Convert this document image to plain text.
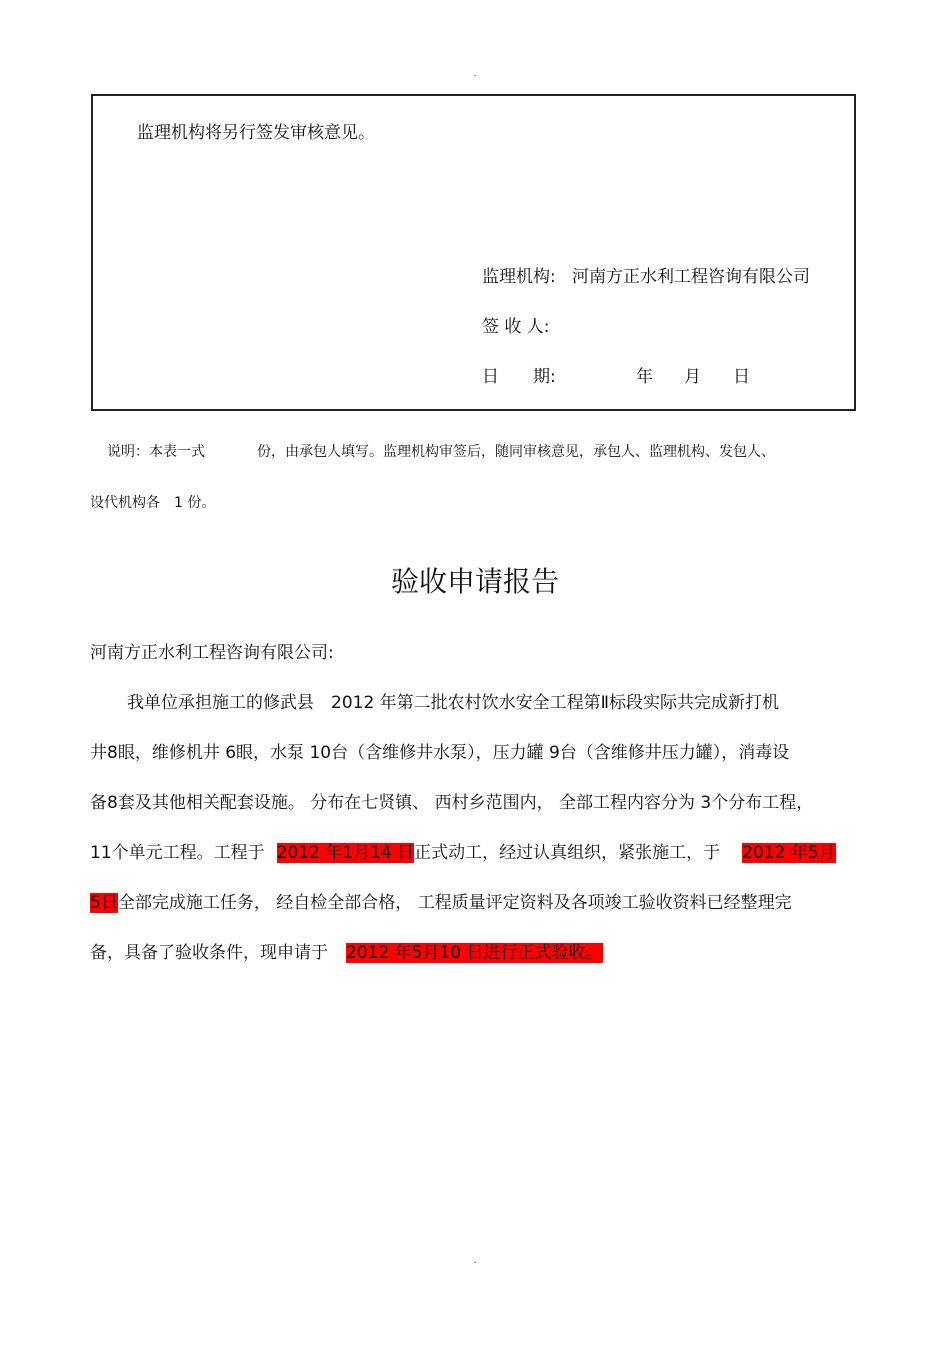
监理机构将另行签发审核意见。
监理机构: 河南方正水利工程咨询有限公司
签 收 人:
日　　期:	年 月 日
说明：本表一式	份，由承包人填写。监理机构审签后，随同审核意见，承包人、监理机构、发包人、
设代机构各　1 份。
验收申请报告
河南方正水利工程咨询有限公司:
我单位承担施工的修武县　2012 年第二批农村饮水安全工程第Ⅱ标段实际共完成新打机
井8眼，维修机井 6眼，水泵 10台（含维修井水泵），压力罐 9台（含维修井压力罐），消毒设
备8套及其他相关配套设施。 分布在七贤镇、 西村乡范围内， 全部工程内容分为 3个分布工程，
11个单元工程。工程于 2012 年1月14 日正式动工，经过认真组织，紧张施工，于 2012 年5月
5日全部完成施工任务， 经自检全部合格， 工程质量评定资料及各项竣工验收资料已经整理完
备，具备了验收条件，现申请于 2012 年5月10 日进行正式验收。
